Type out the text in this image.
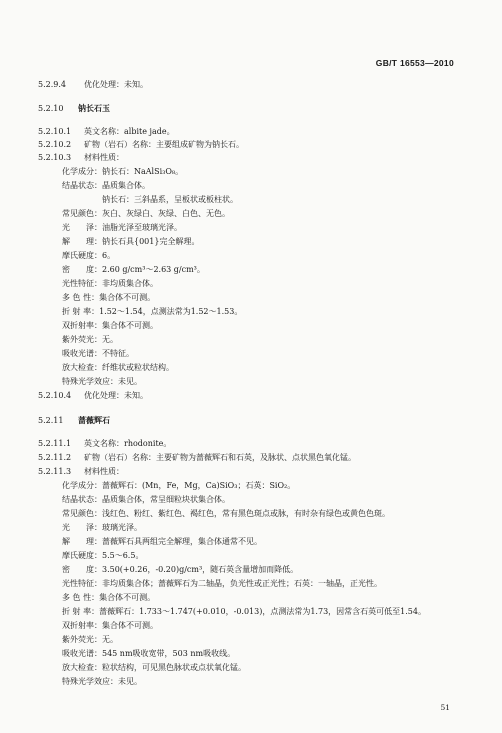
GB/T 16553—2010
5.2.9.4 优化处理：未知。
5.2.10 钠长石玉
5.2.10.1 英文名称：albite jade。
5.2.10.2 矿物（岩石）名称：主要组成矿物为钠长石。
5.2.10.3 材料性质：
化学成分：钠长石：NaAlSi₃O₈。
结晶状态：晶质集合体。
钠长石：三斜晶系，呈板状或板柱状。
常见颜色：灰白、灰绿白、灰绿、白色、无色。
光　　泽：油脂光泽至玻璃光泽。
解　　理：钠长石具{001}完全解理。
摩氏硬度：6。
密　　度：2.60 g/cm³～2.63 g/cm³。
光性特征：非均质集合体。
多 色 性：集合体不可测。
折 射 率：1.52～1.54，点测法常为1.52～1.53。
双折射率：集合体不可测。
紫外荧光：无。
吸收光谱：不特征。
放大检查：纤维状或粒状结构。
特殊光学效应：未见。
5.2.10.4 优化处理：未知。
5.2.11 蔷薇辉石
5.2.11.1 英文名称：rhodonite。
5.2.11.2 矿物（岩石）名称：主要矿物为蔷薇辉石和石英，及脉状、点状黑色氧化锰。
5.2.11.3 材料性质：
化学成分：蔷薇辉石：(Mn，Fe，Mg，Ca)SiO₃；石英：SiO₂。
结晶状态：晶质集合体，常呈细粒块状集合体。
常见颜色：浅红色、粉红、紫红色、褐红色，常有黑色斑点或脉，有时杂有绿色或黄色色斑。
光　　泽：玻璃光泽。
解　　理：蔷薇辉石具两组完全解理，集合体通常不见。
摩氏硬度：5.5～6.5。
密　　度：3.50(+0.26，-0.20)g/cm³，随石英含量增加而降低。
光性特征：非均质集合体；蔷薇辉石为二轴晶，负光性或正光性；石英：一轴晶，正光性。
多 色 性：集合体不可测。
折 射 率：蔷薇辉石：1.733～1.747(+0.010，-0.013)，点测法常为1.73，因常含石英可低至1.54。
双折射率：集合体不可测。
紫外荧光：无。
吸收光谱：545 nm吸收宽带，503 nm吸收线。
放大检查：粒状结构，可见黑色脉状或点状氧化锰。
特殊光学效应：未见。
51
